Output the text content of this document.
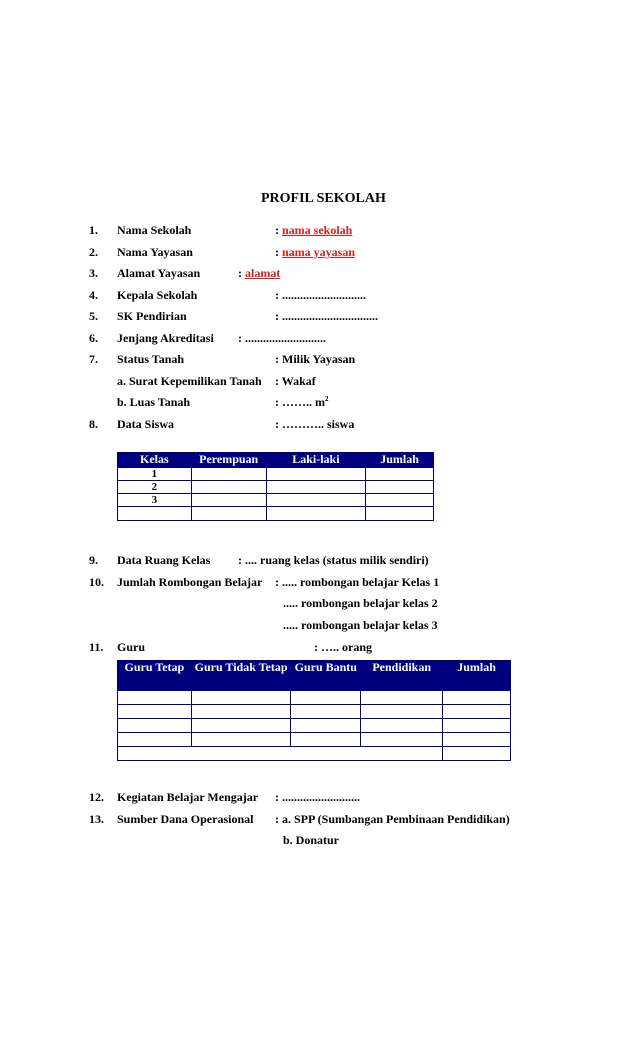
PROFIL SEKOLAH
1. Nama Sekolah	: nama sekolah
2. Nama Yayasan	: nama yayasan
3. Alamat Yayasan	: alamat
4. Kepala Sekolah	: ............................
5. SK Pendirian	: ................................
6. Jenjang Akreditasi : ...........................
7. Status Tanah	: Milik Yayasan
a. Surat Kepemilikan Tanah : Wakaf
b. Luas Tanah	: …….. $m^2$
8. Data Siswa	: ……….. siswa
Kelas	Perempuan	Laki-laki	Jumlah
1			
2			
3			

9. Data Ruang Kelas : .... ruang kelas (status milik sendiri)
10. Jumlah Rombongan Belajar : ..... rombongan belajar Kelas 1
..... rombongan belajar kelas 2
..... rombongan belajar kelas 3
11. Guru	: ….. orang
Guru Tetap	Guru Tidak Tetap	Guru Bantu	Pendidikan	Jumlah

12. Kegiatan Belajar Mengajar : ..........................
13. Sumber Dana Operasional : a. SPP (Sumbangan Pembinaan Pendidikan)
b. Donatur
